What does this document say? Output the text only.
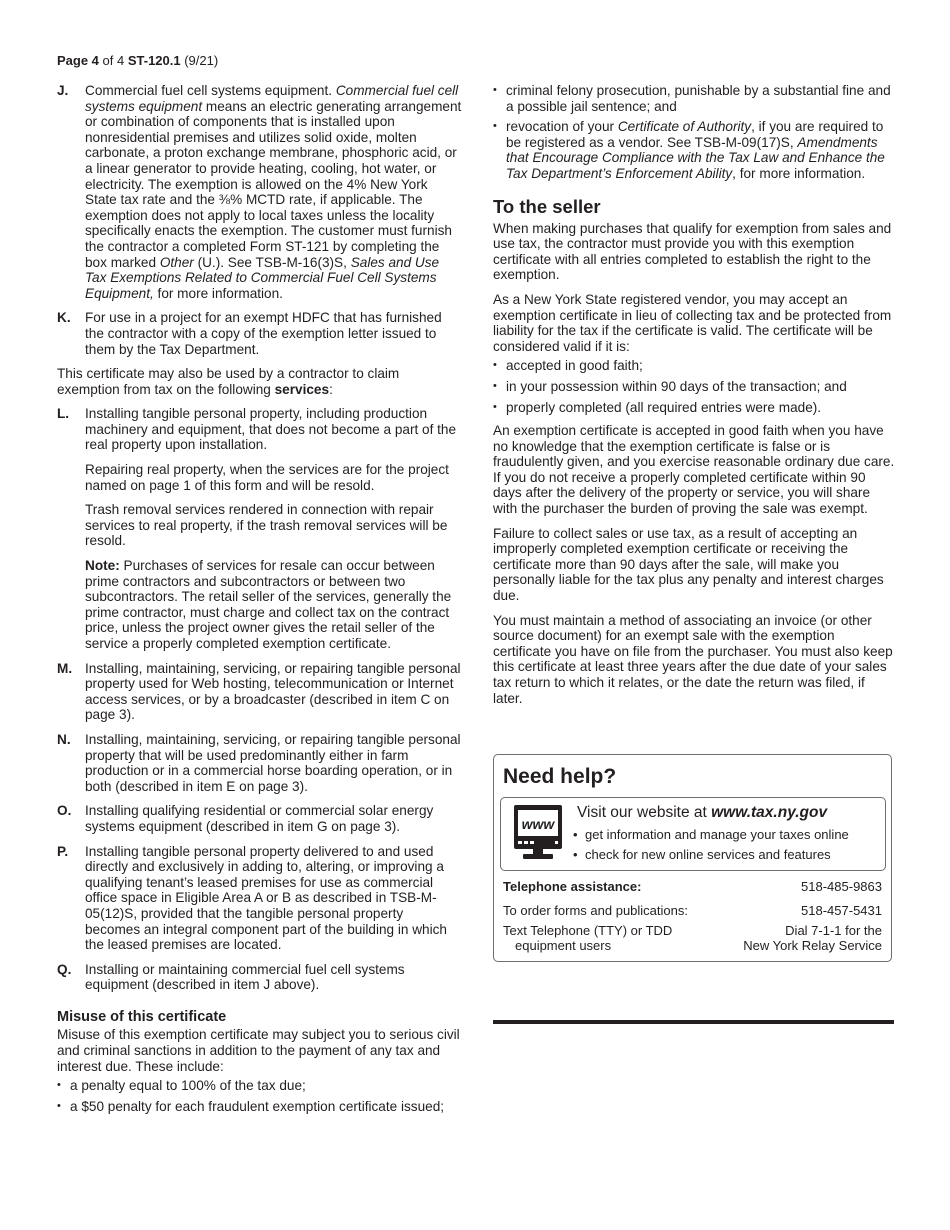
Page 4 of 4 ST-120.1 (9/21)
J. Commercial fuel cell systems equipment. Commercial fuel cell systems equipment means an electric generating arrangement or combination of components that is installed upon nonresidential premises and utilizes solid oxide, molten carbonate, a proton exchange membrane, phosphoric acid, or a linear generator to provide heating, cooling, hot water, or electricity. The exemption is allowed on the 4% New York State tax rate and the ⅜% MCTD rate, if applicable. The exemption does not apply to local taxes unless the locality specifically enacts the exemption. The customer must furnish the contractor a completed Form ST-121 by completing the box marked Other (U.). See TSB-M-16(3)S, Sales and Use Tax Exemptions Related to Commercial Fuel Cell Systems Equipment, for more information.

K. For use in a project for an exempt HDFC that has furnished the contractor with a copy of the exemption letter issued to them by the Tax Department.

This certificate may also be used by a contractor to claim exemption from tax on the following services:

L. Installing tangible personal property, including production machinery and equipment, that does not become a part of the real property upon installation.

Repairing real property, when the services are for the project named on page 1 of this form and will be resold.

Trash removal services rendered in connection with repair services to real property, if the trash removal services will be resold.

Note: Purchases of services for resale can occur between prime contractors and subcontractors or between two subcontractors. The retail seller of the services, generally the prime contractor, must charge and collect tax on the contract price, unless the project owner gives the retail seller of the service a properly completed exemption certificate.

M. Installing, maintaining, servicing, or repairing tangible personal property used for Web hosting, telecommunication or Internet access services, or by a broadcaster (described in item C on page 3).

N. Installing, maintaining, servicing, or repairing tangible personal property that will be used predominantly either in farm production or in a commercial horse boarding operation, or in both (described in item E on page 3).

O. Installing qualifying residential or commercial solar energy systems equipment (described in item G on page 3).

P. Installing tangible personal property delivered to and used directly and exclusively in adding to, altering, or improving a qualifying tenant’s leased premises for use as commercial office space in Eligible Area A or B as described in TSB-M-05(12)S, provided that the tangible personal property becomes an integral component part of the building in which the leased premises are located.

Q. Installing or maintaining commercial fuel cell systems equipment (described in item J above).

Misuse of this certificate

Misuse of this exemption certificate may subject you to serious civil and criminal sanctions in addition to the payment of any tax and interest due. These include:

• a penalty equal to 100% of the tax due;
• a $50 penalty for each fraudulent exemption certificate issued;
• criminal felony prosecution, punishable by a substantial fine and a possible jail sentence; and
• revocation of your Certificate of Authority, if you are required to be registered as a vendor. See TSB-M-09(17)S, Amendments that Encourage Compliance with the Tax Law and Enhance the Tax Department’s Enforcement Ability, for more information.
To the seller

When making purchases that qualify for exemption from sales and use tax, the contractor must provide you with this exemption certificate with all entries completed to establish the right to the exemption.

As a New York State registered vendor, you may accept an exemption certificate in lieu of collecting tax and be protected from liability for the tax if the certificate is valid. The certificate will be considered valid if it is:

• accepted in good faith;
• in your possession within 90 days of the transaction; and
• properly completed (all required entries were made).

An exemption certificate is accepted in good faith when you have no knowledge that the exemption certificate is false or is fraudulently given, and you exercise reasonable ordinary due care. If you do not receive a properly completed certificate within 90 days after the delivery of the property or service, you will share with the purchaser the burden of proving the sale was exempt.

Failure to collect sales or use tax, as a result of accepting an improperly completed exemption certificate or receiving the certificate more than 90 days after the sale, will make you personally liable for the tax plus any penalty and interest charges due.

You must maintain a method of associating an invoice (or other source document) for an exempt sale with the exemption certificate you have on file from the purchaser. You must also keep this certificate at least three years after the due date of your sales tax return to which it relates, or the date the return was filed, if later.

Need help?
www
Visit our website at www.tax.ny.gov
• get information and manage your taxes online
• check for new online services and features
Telephone assistance:	518-485-9863
To order forms and publications:	518-457-5431
Text Telephone (TTY) or TDD
equipment users
Dial 7-1-1 for the
New York Relay Service
